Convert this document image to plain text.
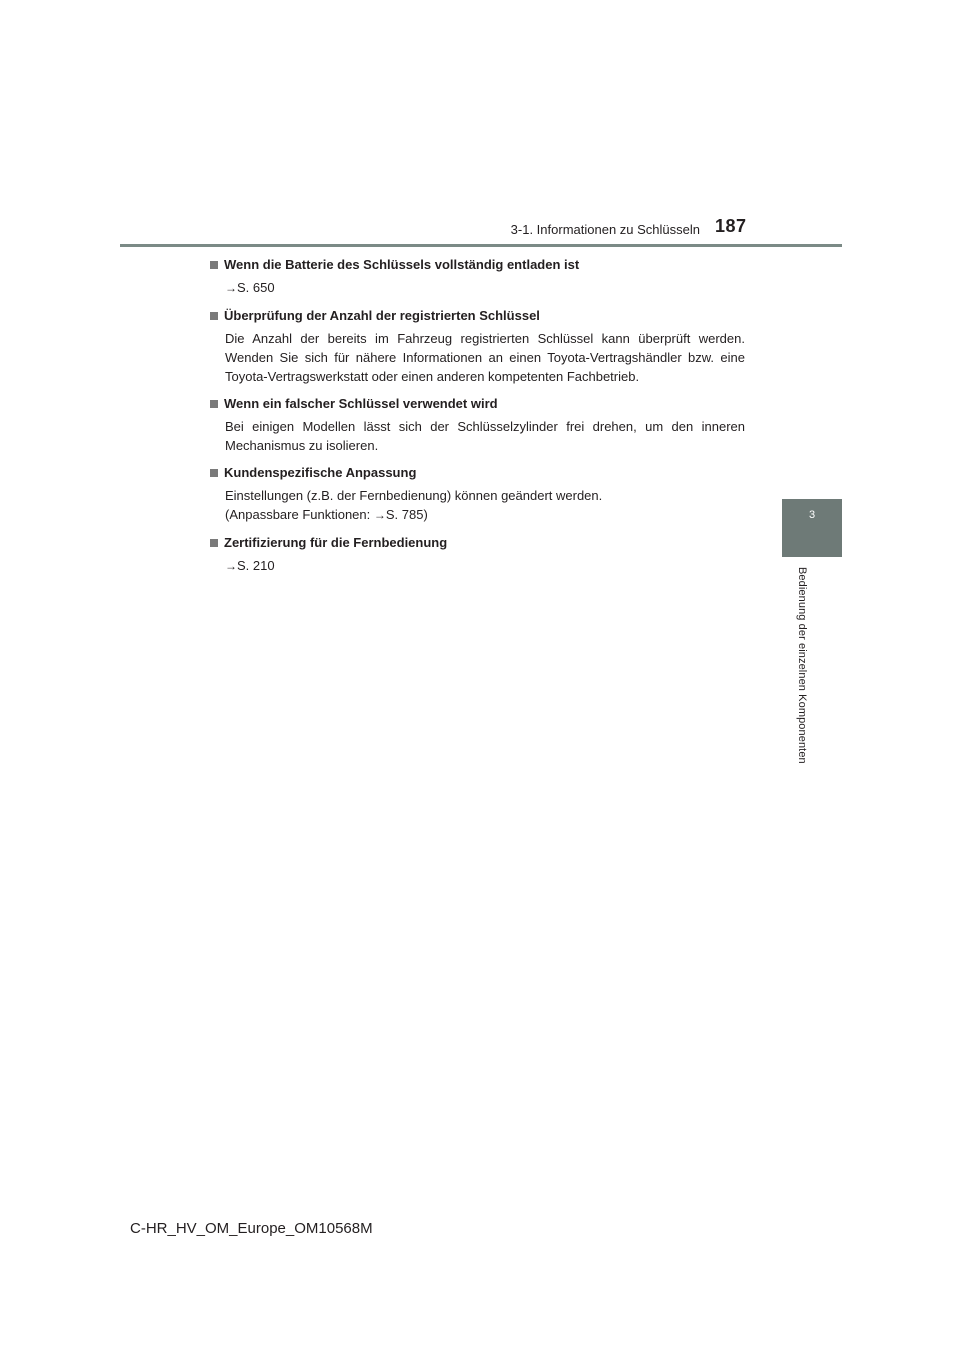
3-1. Informationen zu Schlüsseln 187
3
Bedienung der einzelnen Komponenten
Wenn die Batterie des Schlüssels vollständig entladen ist

→S. 650

Überprüfung der Anzahl der registrierten Schlüssel

Die Anzahl der bereits im Fahrzeug registrierten Schlüssel kann überprüft werden. Wenden Sie sich für nähere Informationen an einen Toyota-Vertragshändler bzw. eine Toyota-Vertragswerkstatt oder einen anderen kompetenten Fachbetrieb.

Wenn ein falscher Schlüssel verwendet wird

Bei einigen Modellen lässt sich der Schlüsselzylinder frei drehen, um den inneren Mechanismus zu isolieren.

Kundenspezifische Anpassung

Einstellungen (z.B. der Fernbedienung) können geändert werden.

(Anpassbare Funktionen: →S. 785)

Zertifizierung für die Fernbedienung

→S. 210

C-HR_HV_OM_Europe_OM10568M
